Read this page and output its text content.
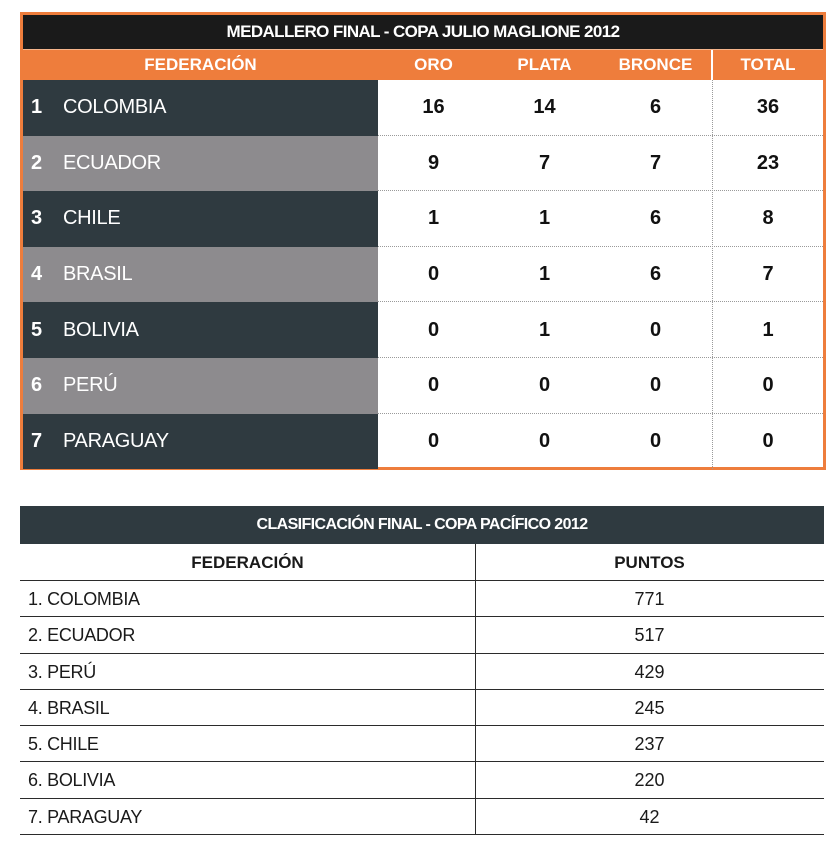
MEDALLERO FINAL - COPA JULIO MAGLIONE 2012
FEDERACIÓN	ORO	PLATA	BRONCE	TOTAL
1	COLOMBIA	16	14	6	36
2	ECUADOR	9	7	7	23
3	CHILE	1	1	6	8
4	BRASIL	0	1	6	7
5	BOLIVIA	0	1	0	1
6	PERÚ	0	0	0	0
7	PARAGUAY	0	0	0	0
CLASIFICACIÓN FINAL - COPA PACÍFICO 2012
FEDERACIÓN	PUNTOS
1. COLOMBIA	771
2. ECUADOR	517
3. PERÚ	429
4. BRASIL	245
5. CHILE	237
6. BOLIVIA	220
7. PARAGUAY	42
